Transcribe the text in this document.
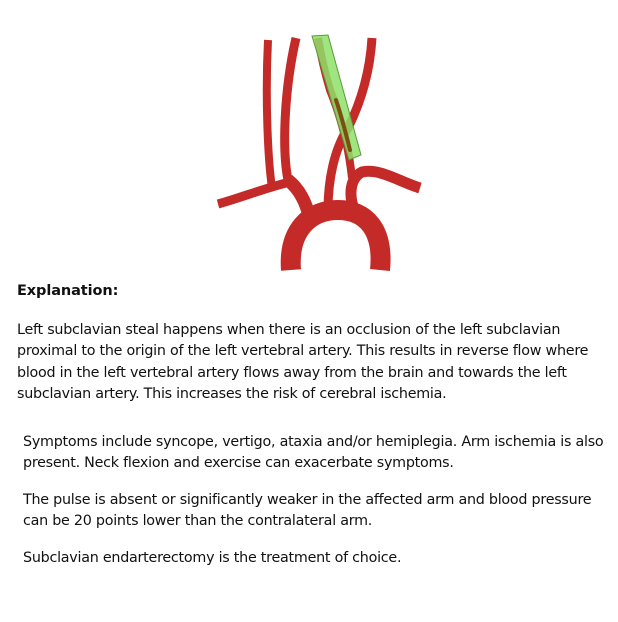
Explanation:

Left subclavian steal happens when there is an occlusion of the left subclavian proximal to the origin of the left vertebral artery. This results in reverse flow where blood in the left vertebral artery flows away from the brain and towards the left subclavian artery. This increases the risk of cerebral ischemia.

Symptoms include syncope, vertigo, ataxia and/or hemiplegia. Arm ischemia is also present. Neck flexion and exercise can exacerbate symptoms.

The pulse is absent or significantly weaker in the affected arm and blood pressure can be 20 points lower than the contralateral arm.

Subclavian endarterectomy is the treatment of choice.
